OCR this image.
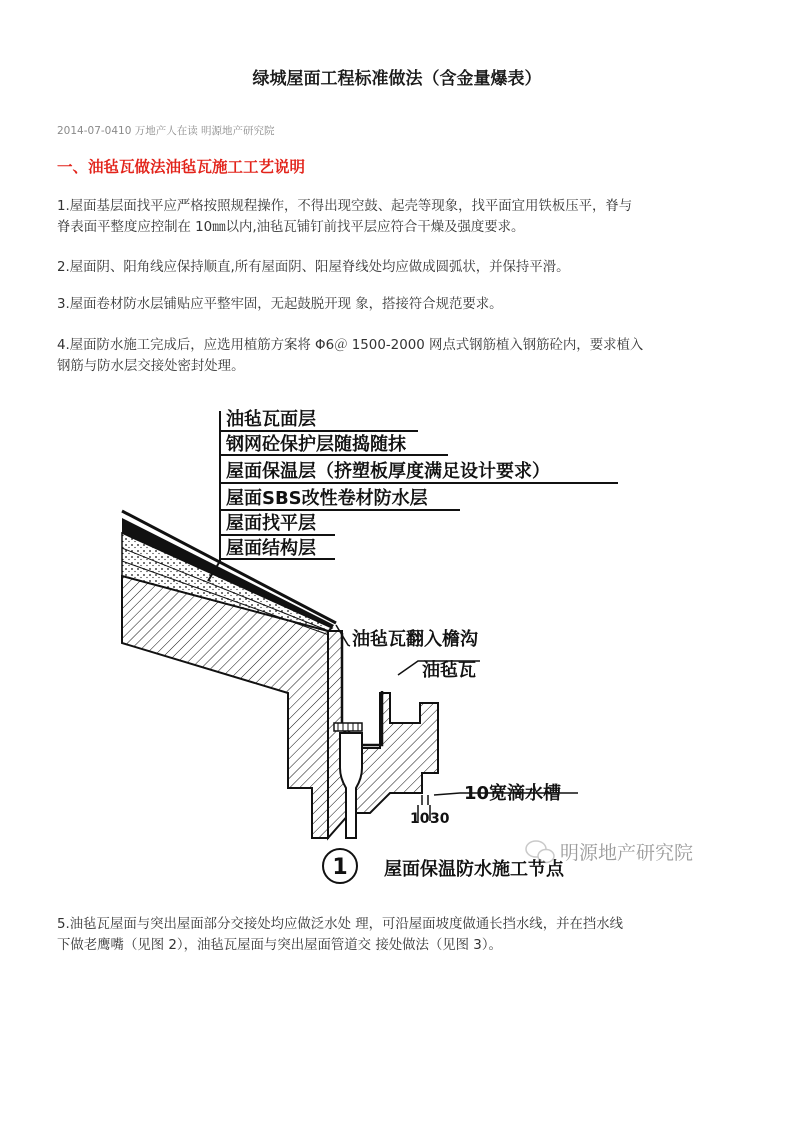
绿城屋面工程标准做法（含金量爆表）
2014-07-0410 万地产人在读 明源地产研究院
一、油毡瓦做法油毡瓦施工工艺说明
1.屋面基层面找平应严格按照规程操作，不得出现空鼓、起壳等现象，找平面宜用铁板压平，脊与
脊表面平整度应控制在 10㎜以内,油毡瓦铺钉前找平层应符合干燥及强度要求。
2.屋面阴、阳角线应保持顺直,所有屋面阴、阳屋脊线处均应做成圆弧状，并保持平滑。
3.屋面卷材防水层铺贴应平整牢固，无起鼓脱开现 象，搭接符合规范要求。
4.屋面防水施工完成后，应选用植筋方案将 Φ6＠ 1500-2000 网点式钢筋植入钢筋砼内，要求植入
钢筋与防水层交接处密封处理。
油毡瓦面层
钢网砼保护层随捣随抹
屋面保温层（挤塑板厚度满足设计要求）
屋面SBS改性卷材防水层
屋面找平层
屋面结构层
油毡瓦翻入檐沟
油毡瓦
10宽滴水槽
10 30
1 屋面保温防水施工节点
明源地产研究院
5.油毡瓦屋面与突出屋面部分交接处均应做泛水处 理，可沿屋面坡度做通长挡水线，并在挡水线
下做老鹰嘴（见图 2），油毡瓦屋面与突出屋面管道交 接处做法（见图 3）。
